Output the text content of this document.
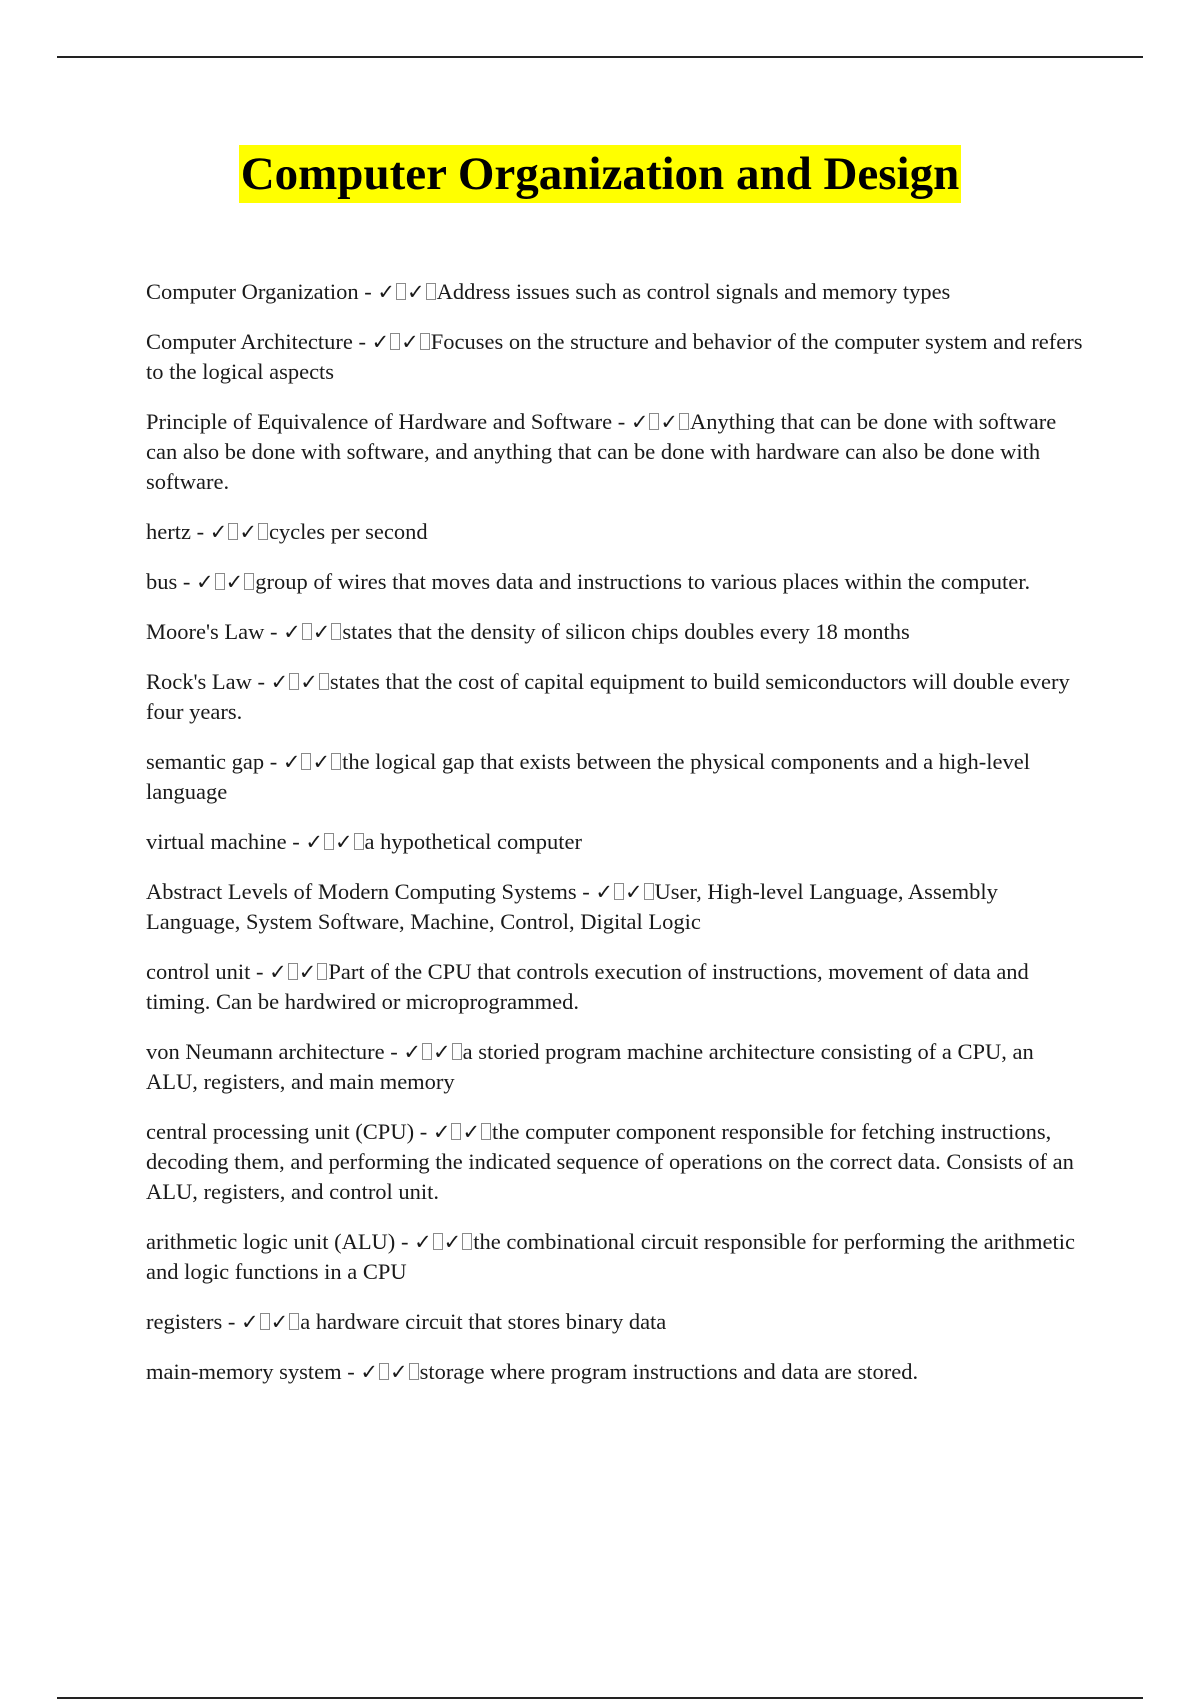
Computer Organization and Design

Computer Organization - ✓ ✓ Address issues such as control signals and memory types

Computer Architecture - ✓ ✓ Focuses on the structure and behavior of the computer system and refers to the logical aspects

Principle of Equivalence of Hardware and Software - ✓ ✓ Anything that can be done with software can also be done with software, and anything that can be done with hardware can also be done with software.

hertz - ✓ ✓ cycles per second

bus - ✓ ✓ group of wires that moves data and instructions to various places within the computer.

Moore's Law - ✓ ✓ states that the density of silicon chips doubles every 18 months

Rock's Law - ✓ ✓ states that the cost of capital equipment to build semiconductors will double every four years.

semantic gap - ✓ ✓ the logical gap that exists between the physical components and a high-level language

virtual machine - ✓ ✓ a hypothetical computer

Abstract Levels of Modern Computing Systems - ✓ ✓ User, High-level Language, Assembly Language, System Software, Machine, Control, Digital Logic

control unit - ✓ ✓ Part of the CPU that controls execution of instructions, movement of data and timing. Can be hardwired or microprogrammed.

von Neumann architecture - ✓ ✓ a storied program machine architecture consisting of a CPU, an ALU, registers, and main memory

central processing unit (CPU) - ✓ ✓ the computer component responsible for fetching instructions, decoding them, and performing the indicated sequence of operations on the correct data. Consists of an ALU, registers, and control unit.

arithmetic logic unit (ALU) - ✓ ✓ the combinational circuit responsible for performing the arithmetic and logic functions in a CPU

registers - ✓ ✓ a hardware circuit that stores binary data

main-memory system - ✓ ✓ storage where program instructions and data are stored.
